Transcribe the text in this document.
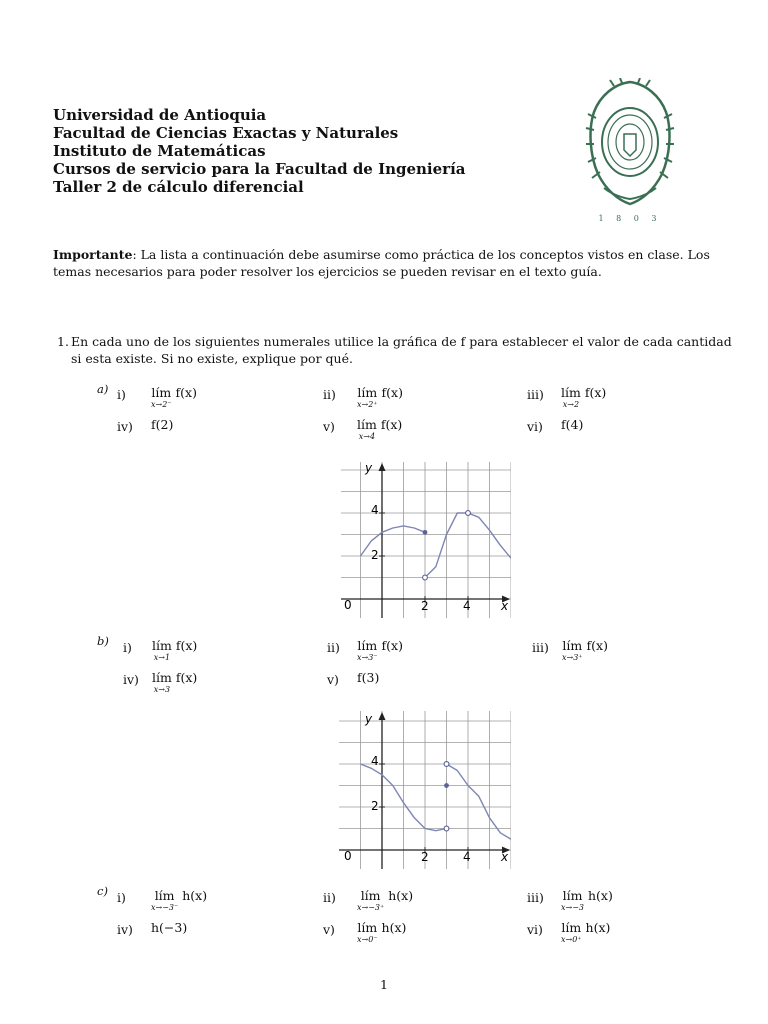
Universidad de Antioquia
Facultad de Ciencias Exactas y Naturales
Instituto de Matemáticas
Cursos de servicio para la Facultad de Ingeniería
Taller 2 de cálculo diferencial
1 8 0 3
Importante: La lista a continuación debe asumirse como práctica de los conceptos vistos en clase. Los temas necesarios para poder resolver los ejercicios se pueden revisar en el texto guía.
1. En cada uno de los siguientes numerales utilice la gráfica de f para establecer el valor de cada cantidad si esta existe. Si no existe, explique por qué.
a) i) lím
x→2⁻
f(x)	ii) lím
x→2⁺
f(x)	iii) lím
x→2
f(x)
iv) f(2)	v) lím
x→4
f(x)	vi) f(4)
y
x
0	2	4
2
4
b) i) lím
x→1
f(x)	ii) lím
x→3⁻
f(x)	iii) lím
x→3⁺
f(x)
iv) lím
x→3
f(x)	v) f(3)
y
x
0	2	4
2
4
c) i) lím
x→−3⁻
h(x)	ii) lím
x→−3⁺
h(x)	iii) lím
x→−3
h(x)
iv) h(−3)	v) lím
x→0⁻
h(x)	vi) lím
x→0⁺
h(x)
1
